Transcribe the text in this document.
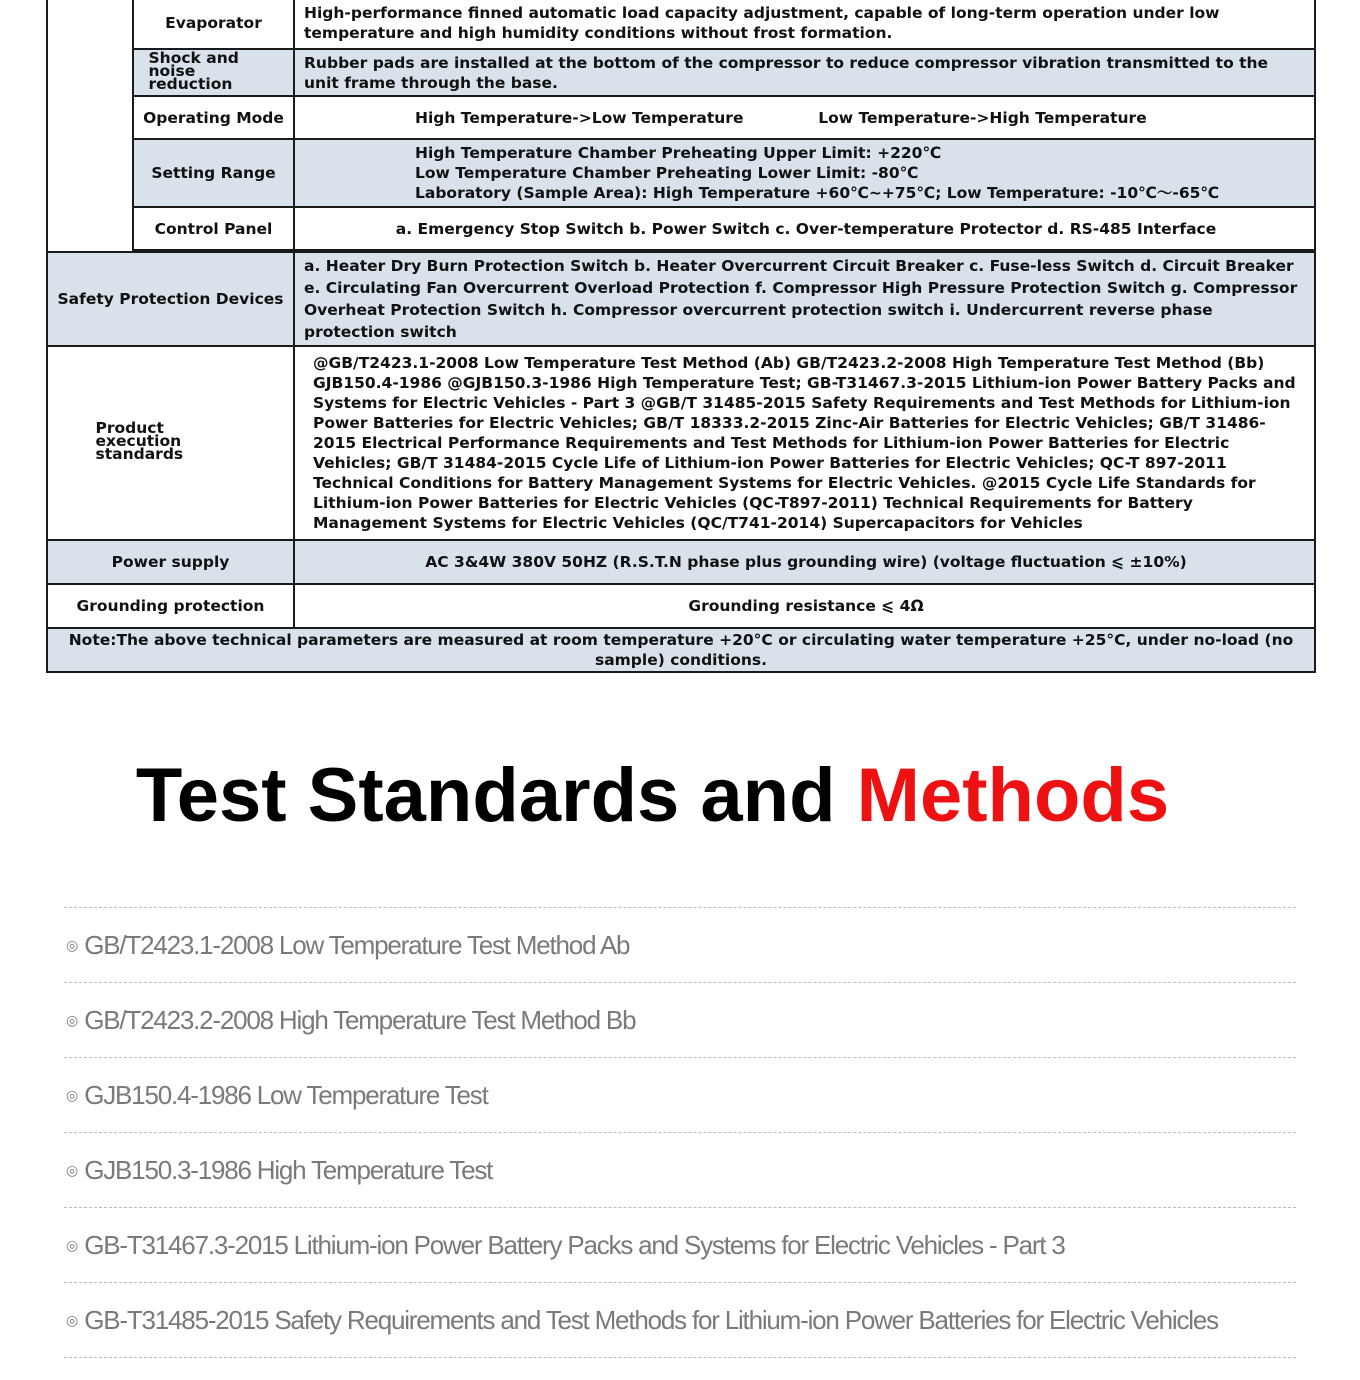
	Evaporator	High-performance finned automatic load capacity adjustment, capable of long-term operation under low temperature and high humidity conditions without frost formation.
	Shock and noise reduction	Rubber pads are installed at the bottom of the compressor to reduce compressor vibration transmitted to the unit frame through the base.
	Operating Mode	High Temperature->Low Temperature Low Temperature->High Temperature
	Setting Range	High Temperature Chamber Preheating Upper Limit: +220℃
Low Temperature Chamber Preheating Lower Limit: -80℃
Laboratory (Sample Area): High Temperature +60℃~+75℃; Low Temperature: -10℃〜-65℃

	Control Panel	a. Emergency Stop Switch b. Power Switch c. Over-temperature Protector d. RS-485 Interface

Safety Protection Devices		a. Heater Dry Burn Protection Switch b. Heater Overcurrent Circuit Breaker c. Fuse-less Switch d. Circuit Breaker e. Circulating Fan Overcurrent Overload Protection f. Compressor High Pressure Protection Switch g. Compressor Overheat Protection Switch h. Compressor overcurrent protection switch i. Undercurrent reverse phase protection switch
Product execution standards		@GB/T2423.1-2008 Low Temperature Test Method (Ab) GB/T2423.2-2008 High Temperature Test Method (Bb) GJB150.4-1986 @GJB150.3-1986 High Temperature Test; GB-T31467.3-2015 Lithium-ion Power Battery Packs and Systems for Electric Vehicles - Part 3 @GB/T 31485-2015 Safety Requirements and Test Methods for Lithium-ion Power Batteries for Electric Vehicles; GB/T 18333.2-2015 Zinc-Air Batteries for Electric Vehicles; GB/T 31486-2015 Electrical Performance Requirements and Test Methods for Lithium-ion Power Batteries for Electric Vehicles; GB/T 31484-2015 Cycle Life of Lithium-ion Power Batteries for Electric Vehicles; QC-T 897-2011 Technical Conditions for Battery Management Systems for Electric Vehicles. @2015 Cycle Life Standards for Lithium-ion Power Batteries for Electric Vehicles (QC-T897-2011) Technical Requirements for Battery Management Systems for Electric Vehicles (QC/T741-2014) Supercapacitors for Vehicles
Power supply		AC 3&4W 380V 50HZ (R.S.T.N phase plus grounding wire) (voltage fluctuation ⩽ ±10%)
Grounding protection		Grounding resistance ⩽ 4Ω
Note:The above technical parameters are measured at room temperature +20°C or circulating water temperature +25°C, under no-load (no sample) conditions.		
Test Standards and Methods
◎ GB/T2423.1-2008 Low Temperature Test Method Ab
◎ GB/T2423.2-2008 High Temperature Test Method Bb
◎ GJB150.4-1986 Low Temperature Test
◎ GJB150.3-1986 High Temperature Test
◎ GB-T31467.3-2015 Lithium-ion Power Battery Packs and Systems for Electric Vehicles - Part 3
◎ GB-T31485-2015 Safety Requirements and Test Methods for Lithium-ion Power Batteries for Electric Vehicles
